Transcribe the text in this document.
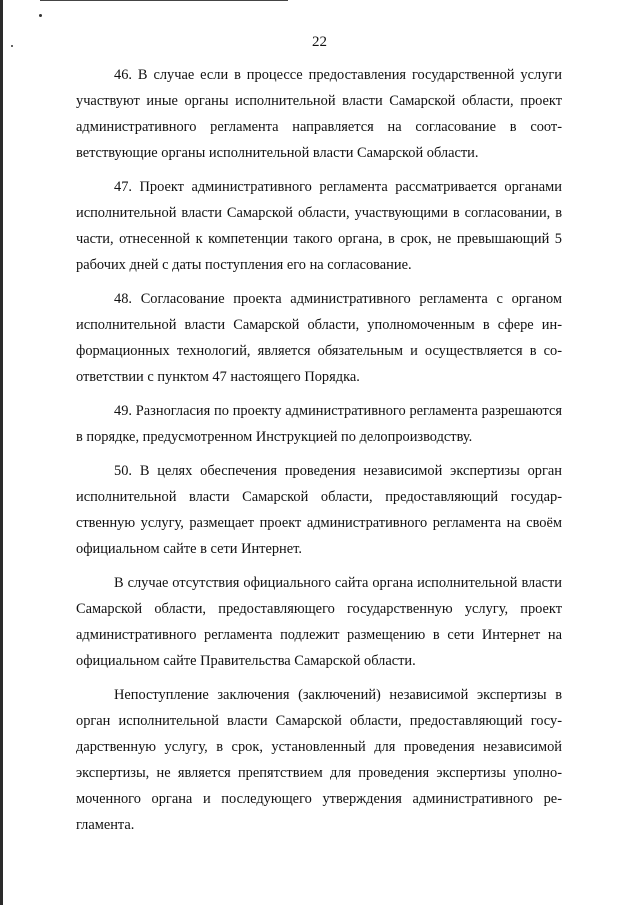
22

46. В случае если в процессе предоставления государственной услуги участвуют иные органы исполнительной власти Самарской области, проект административного регламента направляется на согласование в соответствующие органы исполнительной власти Самарской области.

47. Проект административного регламента рассматривается органами исполнительной власти Самарской области, участвующими в согласовании, в части, отнесенной к компетенции такого органа, в срок, не превышающий 5 рабочих дней с даты поступления его на согласование.

48. Согласование проекта административного регламента с органом исполнительной власти Самарской области, уполномоченным в сфере информационных технологий, является обязательным и осуществляется в соответствии с пунктом 47 настоящего Порядка.

49. Разногласия по проекту административного регламента разрешаются в порядке, предусмотренном Инструкцией по делопроизводству.

50. В целях обеспечения проведения независимой экспертизы орган исполнительной власти Самарской области, предоставляющий государственную услугу, размещает проект административного регламента на своём официальном сайте в сети Интернет.

В случае отсутствия официального сайта органа исполнительной власти Самарской области, предоставляющего государственную услугу, проект административного регламента подлежит размещению в сети Интернет на официальном сайте Правительства Самарской области.

Непоступление заключения (заключений) независимой экспертизы в орган исполнительной власти Самарской области, предоставляющий государственную услугу, в срок, установленный для проведения независимой экспертизы, не является препятствием для проведения экспертизы уполномоченного органа и последующего утверждения административного регламента.
